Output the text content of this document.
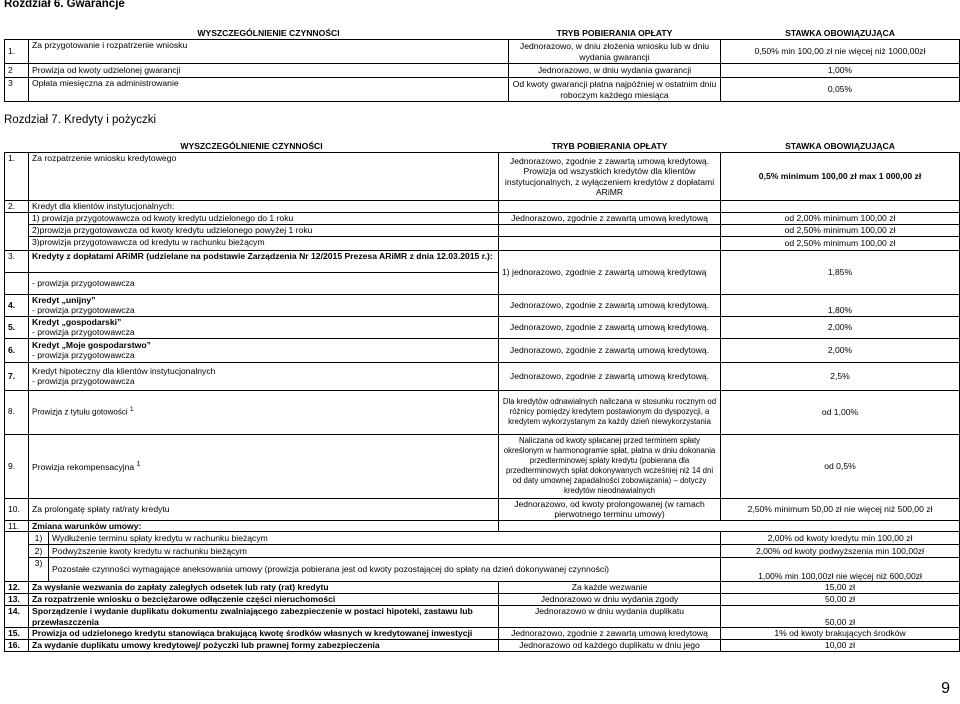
Rozdział 6. Gwarancje
	WYSZCZEGÓLNIENIE CZYNNOŚCI	TRYB POBIERANIA OPŁATY	STAWKA OBOWIĄZUJĄCA
1.	Za przygotowanie i rozpatrzenie wniosku	Jednorazowo, w dniu złożenia wniosku lub w dniu wydania gwarancji	0,50% min 100,00 zł nie więcej niż 1000,00zł
2	Prowizja od kwoty udzielonej gwarancji	Jednorazowo, w dniu wydania gwarancji	1,00%
3	Opłata miesięczna za administrowanie	Od kwoty gwarancji płatna najpóźniej w ostatnim dniu roboczym każdego miesiąca	0,05%
Rozdział 7. Kredyty i pożyczki
WYSZCZEGÓLNIENIE CZYNNOŚCI			TRYB POBIERANIA OPŁATY	STAWKA OBOWIĄZUJĄCA
1.	Za rozpatrzenie wniosku kredytowego		Jednorazowo, zgodnie z zawartą umową kredytową. Prowizja od wszystkich kredytów dla klientów instytucjonalnych, z wyłączeniem kredytów z dopłatami ARiMR	0,5% minimum 100,00 zł max 1 000,00 zł
2.	Kredyt dla klientów instytucjonalnych:			
	1) prowizja przygotowawcza od kwoty kredytu udzielonego do 1 roku		Jednorazowo, zgodnie z zawartą umową kredytową	od 2,00% minimum 100,00 zł
	2)prowizja przygotowawcza od kwoty kredytu udzielonego powyżej 1 roku			od 2,50% minimum 100,00 zł
	3)prowizja przygotowawcza od kredytu w rachunku bieżącym			od 2,50% minimum 100,00 zł
3.	Kredyty z dopłatami ARiMR (udzielane na podstawie Zarządzenia Nr 12/2015 Prezesa ARiMR z dnia 12.03.2015 r.):		1) jednorazowo, zgodnie z zawartą umową kredytową	1,85%
	- prowizja przygotowawcza			
4.	Kredyt „unijny”
- prowizja przygotowawcza		Jednorazowo, zgodnie z zawartą umową kredytową.	1,80%
5.	Kredyt „gospodarski”
- prowizja przygotowawcza		Jednorazowo, zgodnie z zawartą umową kredytową.	2,00%
6.	Kredyt „Moje gospodarstwo”
- prowizja przygotowawcza		Jednorazowo, zgodnie z zawartą umową kredytową.	2,00%
7.	Kredyt hipoteczny dla klientów instytucjonalnych
- prowizja przygotowawcza		Jednorazowo, zgodnie z zawartą umową kredytową.	2,5%
8.	Prowizja z tytułu gotowości $^1$		Dla kredytów odnawialnych naliczana w stosunku rocznym od różnicy pomiędzy kredytem postawionym do dyspozycji, a kredytem wykorzystanym za każdy dzień niewykorzystania	od 1,00%
9.	Prowizja rekompensacyjna $^1$		Naliczana od kwoty spłacanej przed terminem spłaty określonym w harmonogramie spłat, płatna w dniu dokonania przedterminowej spłaty kredytu (pobierana dla przedterminowych spłat dokonywanych wcześniej niż 14 dni od daty umownej zapadalności zobowiązania) – dotyczy kredytów nieodnawialnych	od 0,5%
10.	Za prolongatę spłaty rat/raty kredytu		Jednorazowo, od kwoty prolongowanej (w ramach pierwotnego terminu umowy)	2,50% minimum 50,00 zł nie więcej niż 500,00 zł
11.	Zmiana warunków umowy:			
	1)	Wydłużenie terminu spłaty kredytu w rachunku bieżącym		2,00% od kwoty kredytu min 100,00 zł
	2)	Podwyższenie kwoty kredytu w rachunku bieżącym		2,00% od kwoty podwyższenia min 100,00zł
	3)	Pozostałe czynności wymagające aneksowania umowy (prowizja pobierana jest od kwoty pozostającej do spłaty na dzień dokonywanej czynności)		1,00% min 100,00zł nie więcej niż 600,00zł
12.	Za wysłanie wezwania do zapłaty zaległych odsetek lub raty (rat) kredytu		Za każde wezwanie	15,00 zł
13.	Za rozpatrzenie wniosku o bezciężarowe odłączenie części nieruchomości		Jednorazowo w dniu wydania zgody	50,00 zł
14.	Sporządzenie i wydanie duplikatu dokumentu zwalniającego zabezpieczenie w postaci hipoteki, zastawu lub przewłaszczenia		Jednorazowo w dniu wydania duplikatu	50,00 zł
15.	Prowizja od udzielonego kredytu stanowiąca brakującą kwotę środków własnych w kredytowanej inwestycji		Jednorazowo, zgodnie z zawartą umową kredytową	1% od kwoty brakujących środków
16.	Za wydanie duplikatu umowy kredytowej/ pożyczki lub prawnej formy zabezpieczenia		Jednorazowo od każdego duplikatu w dniu jego	10,00 zł
9
